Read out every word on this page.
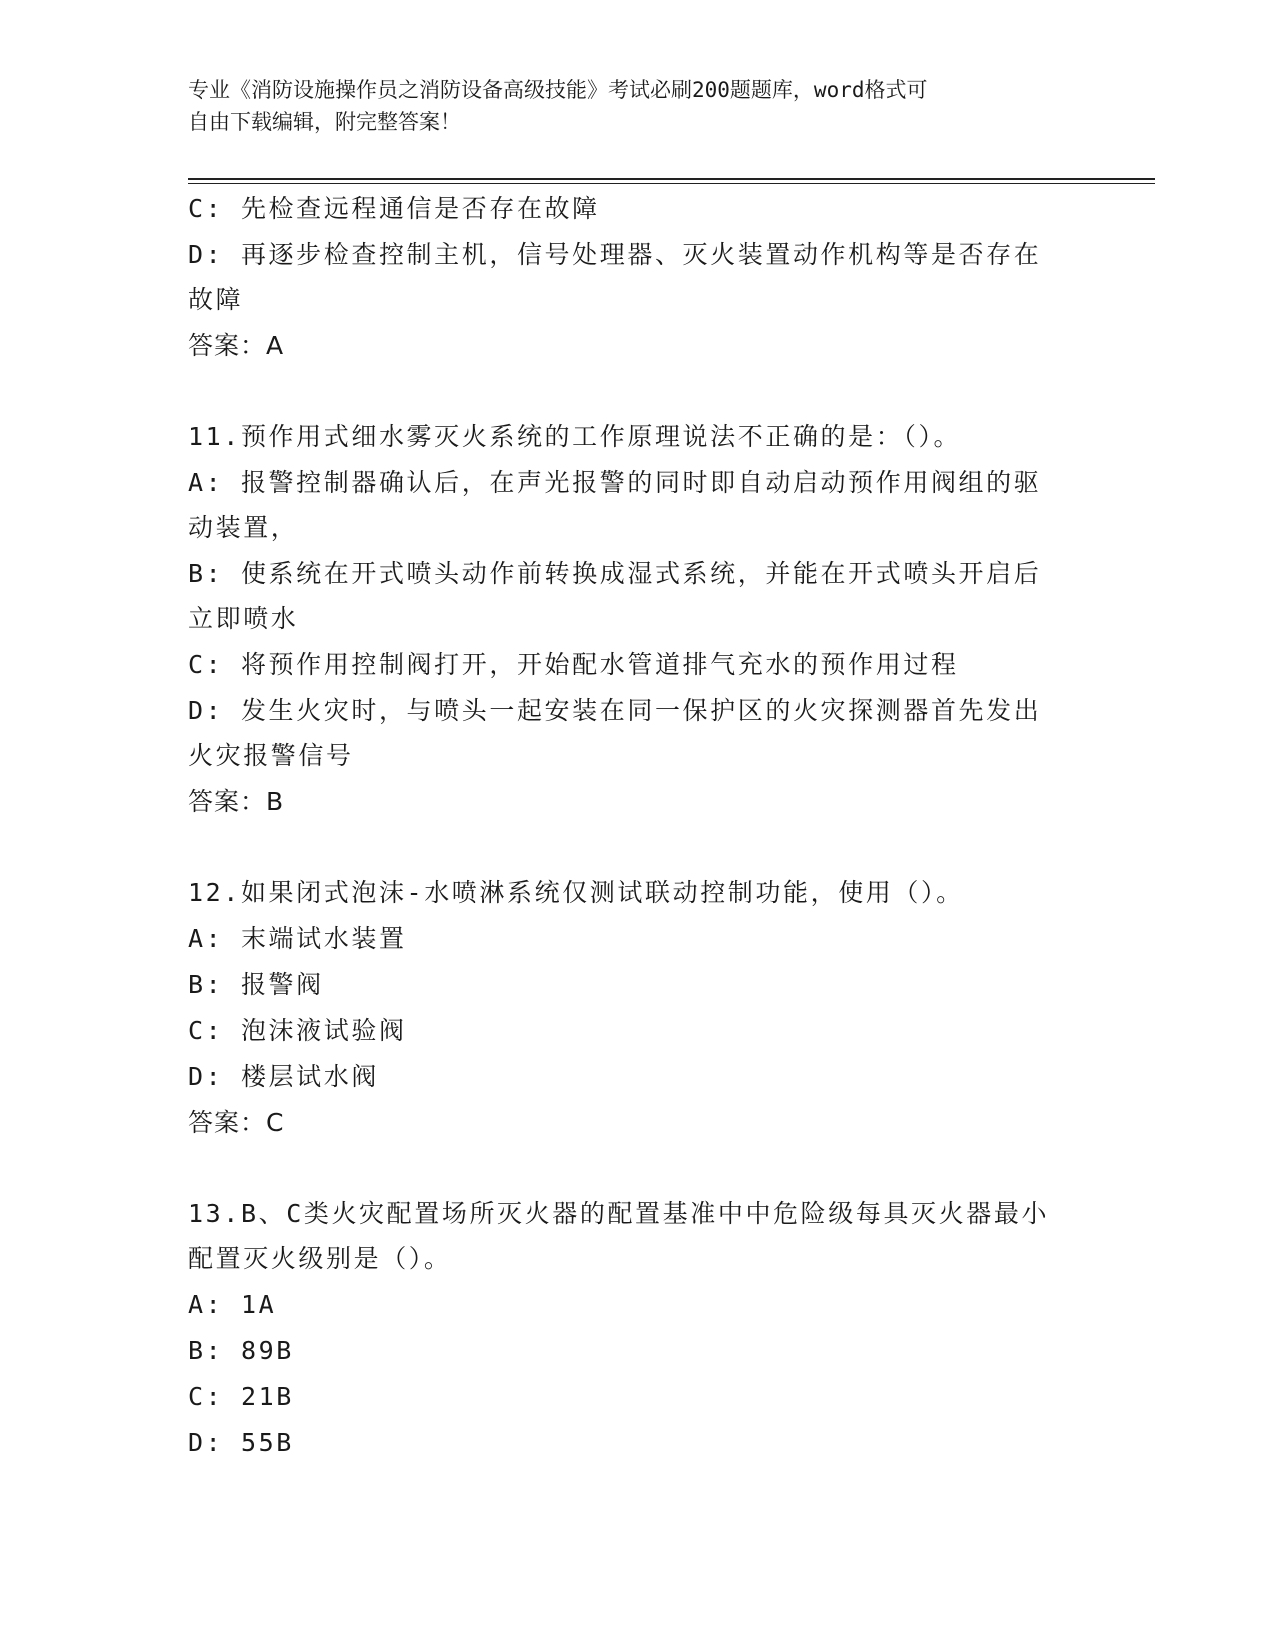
专业《消防设施操作员之消防设备高级技能》考试必刷200题题库，word格式可
自由下载编辑，附完整答案！
C: 先检查远程通信是否存在故障
D: 再逐步检查控制主机，信号处理器、灭火装置动作机构等是否存在
故障
答案：A
11.预作用式细水雾灭火系统的工作原理说法不正确的是：（）。
A: 报警控制器确认后，在声光报警的同时即自动启动预作用阀组的驱
动装置，
B: 使系统在开式喷头动作前转换成湿式系统，并能在开式喷头开启后
立即喷水
C: 将预作用控制阀打开，开始配水管道排气充水的预作用过程
D: 发生火灾时，与喷头一起安装在同一保护区的火灾探测器首先发出
火灾报警信号
答案：B
12.如果闭式泡沫-水喷淋系统仅测试联动控制功能，使用（）。
A: 末端试水装置
B: 报警阀
C: 泡沫液试验阀
D: 楼层试水阀
答案：C
13.B、C类火灾配置场所灭火器的配置基准中中危险级每具灭火器最小
配置灭火级别是（）。
A: 1A
B: 89B
C: 21B
D: 55B
